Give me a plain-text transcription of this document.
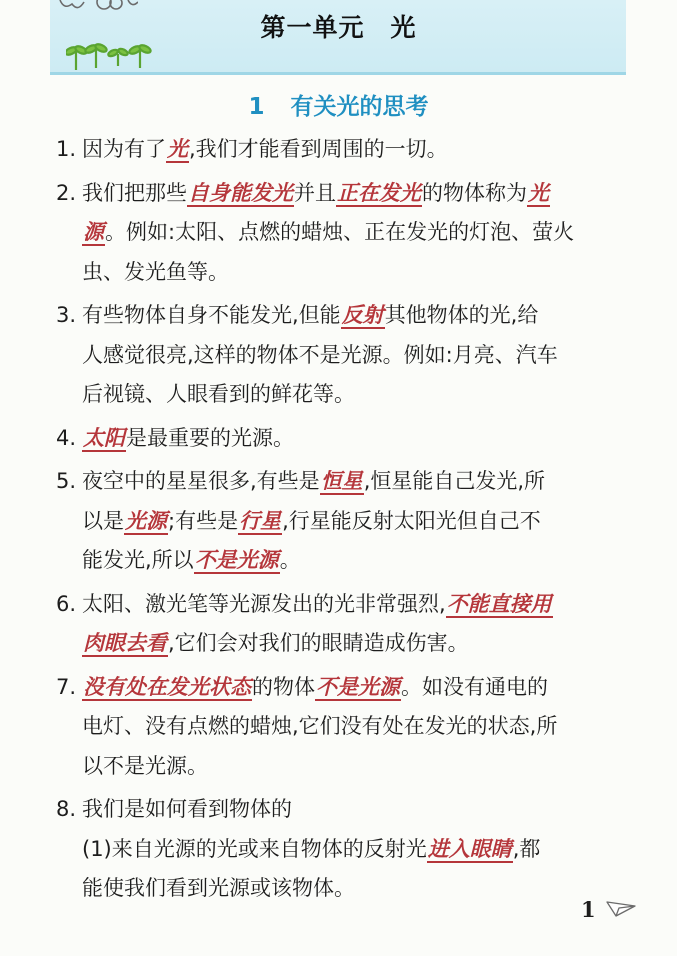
第一单元　光
1 有关光的思考
1. 因为有了光,我们才能看到周围的一切。
2. 我们把那些自身能发光并且正在发光的物体称为光
源。例如:太阳、点燃的蜡烛、正在发光的灯泡、萤火
虫、发光鱼等。
3. 有些物体自身不能发光,但能反射其他物体的光,给
人感觉很亮,这样的物体不是光源。例如:月亮、汽车
后视镜、人眼看到的鲜花等。
4. 太阳是最重要的光源。
5. 夜空中的星星很多,有些是恒星,恒星能自己发光,所
以是光源;有些是行星,行星能反射太阳光但自己不
能发光,所以不是光源。
6. 太阳、激光笔等光源发出的光非常强烈,不能直接用
肉眼去看,它们会对我们的眼睛造成伤害。
7. 没有处在发光状态的物体不是光源。如没有通电的
电灯、没有点燃的蜡烛,它们没有处在发光的状态,所
以不是光源。
8. 我们是如何看到物体的
(1)来自光源的光或来自物体的反射光进入眼睛,都
能使我们看到光源或该物体。
1
